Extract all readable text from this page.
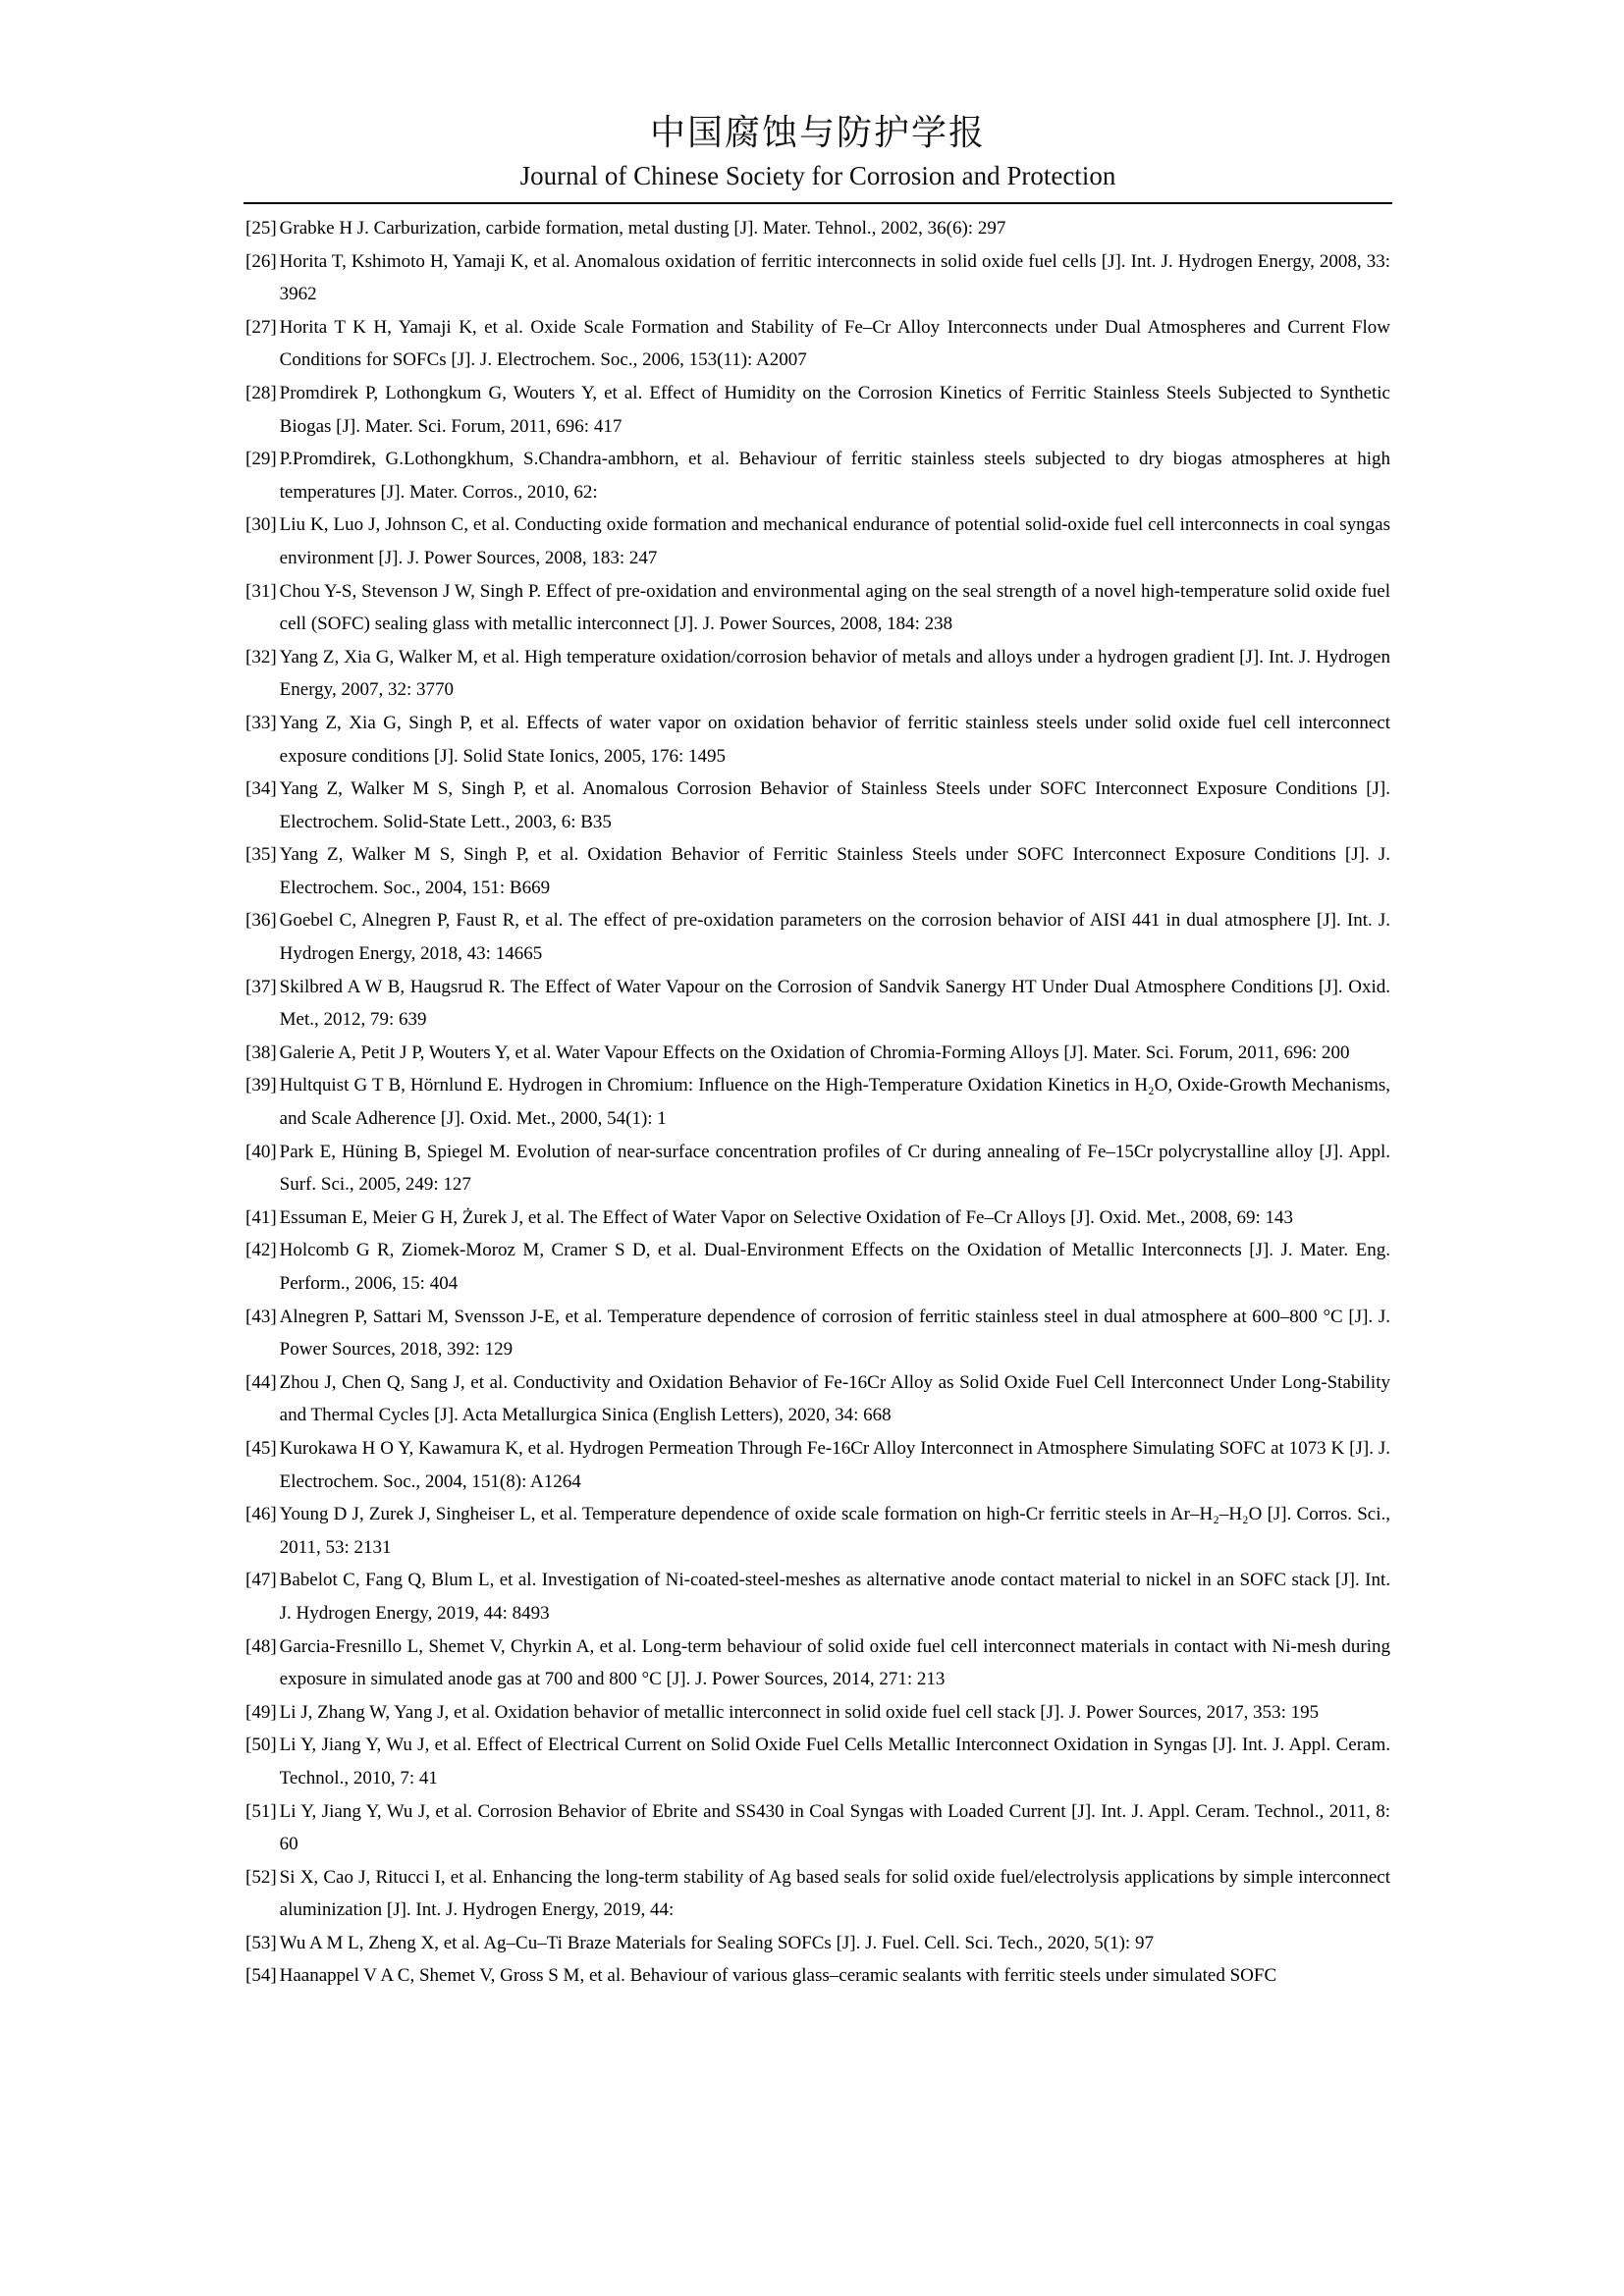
中国腐蚀与防护学报
Journal of Chinese Society for Corrosion and Protection
[25] Grabke H J. Carburization, carbide formation, metal dusting [J]. Mater. Tehnol., 2002, 36(6): 297
[26] Horita T, Kshimoto H, Yamaji K, et al. Anomalous oxidation of ferritic interconnects in solid oxide fuel cells [J]. Int. J. Hydrogen Energy, 2008, 33: 3962
[27] Horita T K H, Yamaji K, et al. Oxide Scale Formation and Stability of Fe–Cr Alloy Interconnects under Dual Atmospheres and Current Flow Conditions for SOFCs [J]. J. Electrochem. Soc., 2006, 153(11): A2007
[28] Promdirek P, Lothongkum G, Wouters Y, et al. Effect of Humidity on the Corrosion Kinetics of Ferritic Stainless Steels Subjected to Synthetic Biogas [J]. Mater. Sci. Forum, 2011, 696: 417
[29] P.Promdirek, G.Lothongkhum, S.Chandra-ambhorn, et al. Behaviour of ferritic stainless steels subjected to dry biogas atmospheres at high temperatures [J]. Mater. Corros., 2010, 62:
[30] Liu K, Luo J, Johnson C, et al. Conducting oxide formation and mechanical endurance of potential solid-oxide fuel cell interconnects in coal syngas environment [J]. J. Power Sources, 2008, 183: 247
[31] Chou Y-S, Stevenson J W, Singh P. Effect of pre-oxidation and environmental aging on the seal strength of a novel high-temperature solid oxide fuel cell (SOFC) sealing glass with metallic interconnect [J]. J. Power Sources, 2008, 184: 238
[32] Yang Z, Xia G, Walker M, et al. High temperature oxidation/corrosion behavior of metals and alloys under a hydrogen gradient [J]. Int. J. Hydrogen Energy, 2007, 32: 3770
[33] Yang Z, Xia G, Singh P, et al. Effects of water vapor on oxidation behavior of ferritic stainless steels under solid oxide fuel cell interconnect exposure conditions [J]. Solid State Ionics, 2005, 176: 1495
[34] Yang Z, Walker M S, Singh P, et al. Anomalous Corrosion Behavior of Stainless Steels under SOFC Interconnect Exposure Conditions [J]. Electrochem. Solid-State Lett., 2003, 6: B35
[35] Yang Z, Walker M S, Singh P, et al. Oxidation Behavior of Ferritic Stainless Steels under SOFC Interconnect Exposure Conditions [J]. J. Electrochem. Soc., 2004, 151: B669
[36] Goebel C, Alnegren P, Faust R, et al. The effect of pre-oxidation parameters on the corrosion behavior of AISI 441 in dual atmosphere [J]. Int. J. Hydrogen Energy, 2018, 43: 14665
[37] Skilbred A W B, Haugsrud R. The Effect of Water Vapour on the Corrosion of Sandvik Sanergy HT Under Dual Atmosphere Conditions [J]. Oxid. Met., 2012, 79: 639
[38] Galerie A, Petit J P, Wouters Y, et al. Water Vapour Effects on the Oxidation of Chromia-Forming Alloys [J]. Mater. Sci. Forum, 2011, 696: 200
[39] Hultquist G T B, Hörnlund E. Hydrogen in Chromium: Influence on the High-Temperature Oxidation Kinetics in H₂O, Oxide-Growth Mechanisms, and Scale Adherence [J]. Oxid. Met., 2000, 54(1): 1
[40] Park E, Hüning B, Spiegel M. Evolution of near-surface concentration profiles of Cr during annealing of Fe–15Cr polycrystalline alloy [J]. Appl. Surf. Sci., 2005, 249: 127
[41] Essuman E, Meier G H, Żurek J, et al. The Effect of Water Vapor on Selective Oxidation of Fe–Cr Alloys [J]. Oxid. Met., 2008, 69: 143
[42] Holcomb G R, Ziomek-Moroz M, Cramer S D, et al. Dual-Environment Effects on the Oxidation of Metallic Interconnects [J]. J. Mater. Eng. Perform., 2006, 15: 404
[43] Alnegren P, Sattari M, Svensson J-E, et al. Temperature dependence of corrosion of ferritic stainless steel in dual atmosphere at 600–800 °C [J]. J. Power Sources, 2018, 392: 129
[44] Zhou J, Chen Q, Sang J, et al. Conductivity and Oxidation Behavior of Fe-16Cr Alloy as Solid Oxide Fuel Cell Interconnect Under Long-Stability and Thermal Cycles [J]. Acta Metallurgica Sinica (English Letters), 2020, 34: 668
[45] Kurokawa H O Y, Kawamura K, et al. Hydrogen Permeation Through Fe-16Cr Alloy Interconnect in Atmosphere Simulating SOFC at 1073 K [J]. J. Electrochem. Soc., 2004, 151(8): A1264
[46] Young D J, Zurek J, Singheiser L, et al. Temperature dependence of oxide scale formation on high-Cr ferritic steels in Ar–H₂–H₂O [J]. Corros. Sci., 2011, 53: 2131
[47] Babelot C, Fang Q, Blum L, et al. Investigation of Ni-coated-steel-meshes as alternative anode contact material to nickel in an SOFC stack [J]. Int. J. Hydrogen Energy, 2019, 44: 8493
[48] Garcia-Fresnillo L, Shemet V, Chyrkin A, et al. Long-term behaviour of solid oxide fuel cell interconnect materials in contact with Ni-mesh during exposure in simulated anode gas at 700 and 800 °C [J]. J. Power Sources, 2014, 271: 213
[49] Li J, Zhang W, Yang J, et al. Oxidation behavior of metallic interconnect in solid oxide fuel cell stack [J]. J. Power Sources, 2017, 353: 195
[50] Li Y, Jiang Y, Wu J, et al. Effect of Electrical Current on Solid Oxide Fuel Cells Metallic Interconnect Oxidation in Syngas [J]. Int. J. Appl. Ceram. Technol., 2010, 7: 41
[51] Li Y, Jiang Y, Wu J, et al. Corrosion Behavior of Ebrite and SS430 in Coal Syngas with Loaded Current [J]. Int. J. Appl. Ceram. Technol., 2011, 8: 60
[52] Si X, Cao J, Ritucci I, et al. Enhancing the long-term stability of Ag based seals for solid oxide fuel/electrolysis applications by simple interconnect aluminization [J]. Int. J. Hydrogen Energy, 2019, 44:
[53] Wu A M L, Zheng X, et al. Ag–Cu–Ti Braze Materials for Sealing SOFCs [J]. J. Fuel. Cell. Sci. Tech., 2020, 5(1): 97
[54] Haanappel V A C, Shemet V, Gross S M, et al. Behaviour of various glass–ceramic sealants with ferritic steels under simulated SOFC
